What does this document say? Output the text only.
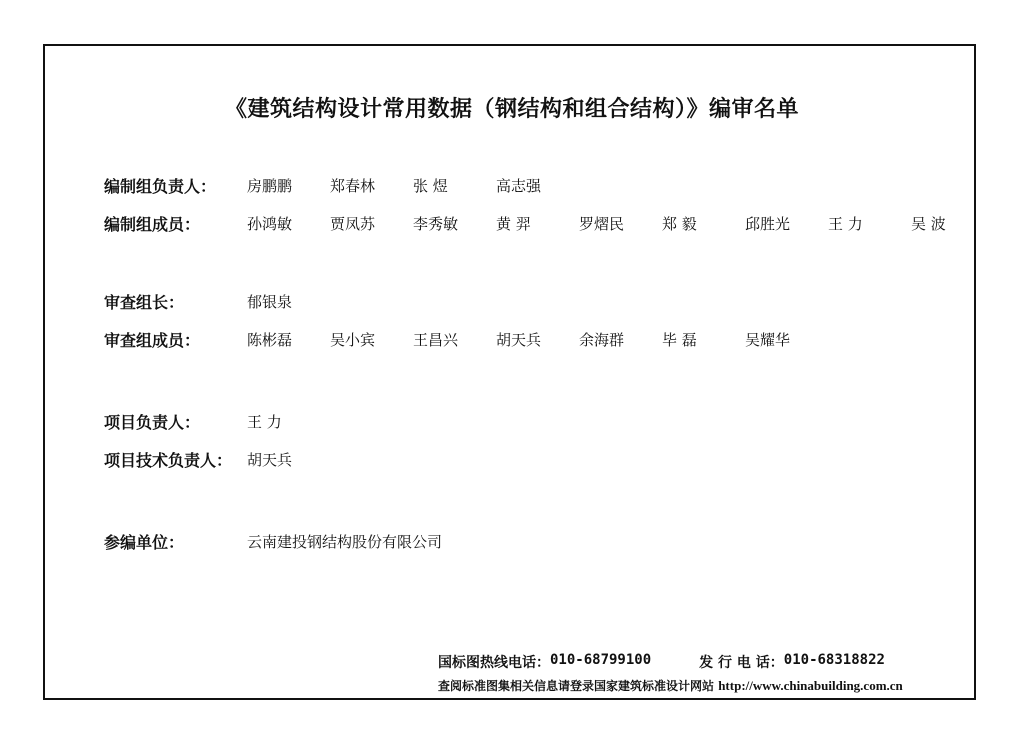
《建筑结构设计常用数据（钢结构和组合结构）》编审名单
编制组负责人：	房鹏鹏	郑春林	张 煜	高志强
编制组成员：	孙鸿敏	贾凤苏	李秀敏	黄 羿	罗熠民	郑 毅	邱胜光	王 力	吴 波
审查组长：	郁银泉
审查组成员：	陈彬磊	吴小宾	王昌兴	胡天兵	余海群	毕 磊	吴耀华
项目负责人：	王 力
项目技术负责人： 胡天兵
参编单位：	云南建投钢结构股份有限公司
国标图热线电话： 010-68799100	发 行 电 话： 010-68318822
查阅标准图集相关信息请登录国家建筑标准设计网站 http://www.chinabuilding.com.cn
